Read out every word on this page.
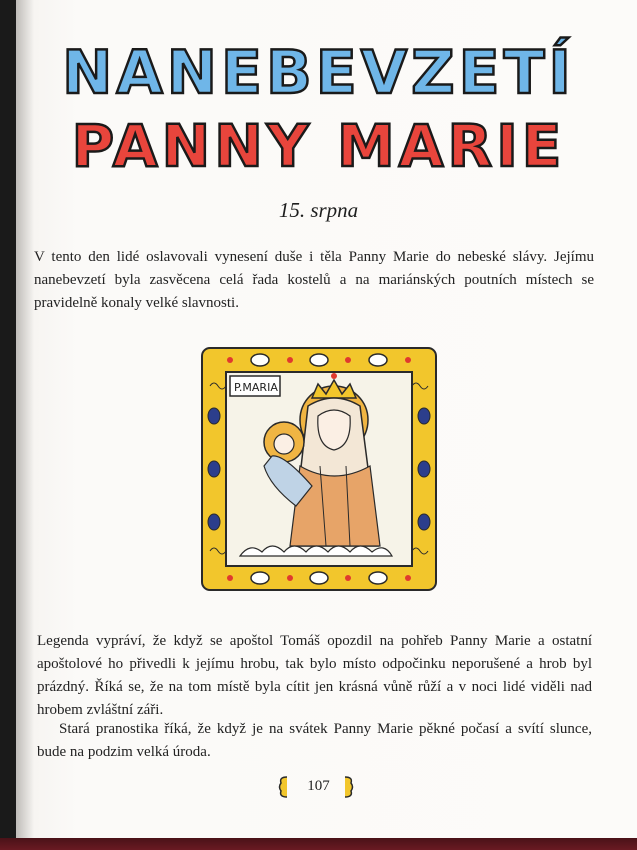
NANEBEVZETÍ
PANNY MARIE
15. srpna
V tento den lidé oslavovali vynesení duše i těla Panny Marie do nebeské slávy. Jejímu nanebevzetí byla zasvěcena celá řada kostelů a na mariánských poutních místech se pravidelně konaly velké slavnosti.
P.MARIA
Legenda vypráví, že když se apoštol Tomáš opozdil na pohřeb Panny Marie a ostatní apoštolové ho přivedli k jejímu hrobu, tak bylo místo odpočinku neporušené a hrob byl prázdný. Říká se, že na tom místě byla cítit jen krásná vůně růží a v noci lidé viděli nad hrobem zvláštní záři.
Stará pranostika říká, že když je na svátek Panny Marie pěkné počasí a svítí slunce, bude na podzim velká úroda.
107
